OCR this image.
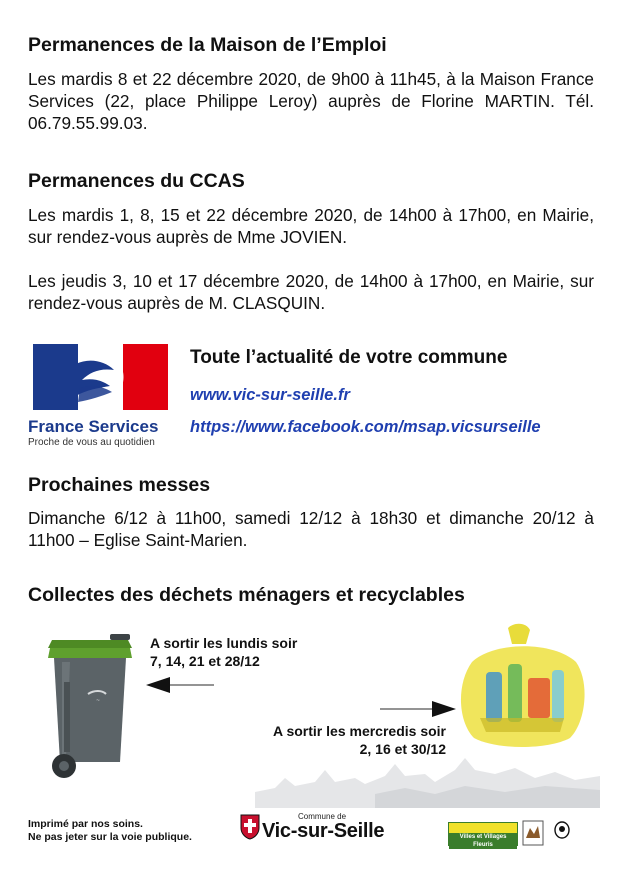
Permanences de la Maison de l’Emploi

Les mardis 8 et 22 décembre 2020, de 9h00 à 11h45, à la Maison France Services (22, place Philippe Leroy) auprès de Florine MARTIN. Tél. 06.79.55.99.03.

Permanences du CCAS

Les mardis 1, 8, 15 et 22 décembre 2020, de 14h00 à 17h00, en Mairie, sur rendez-vous auprès de Mme JOVIEN.

Les jeudis 3, 10 et 17 décembre 2020, de 14h00 à 17h00, en Mairie, sur rendez-vous auprès de M. CLASQUIN.

France Services
Proche de vous au quotidien
Toute l’actualité de votre commune
www.vic-sur-seille.fr
https://www.facebook.com/msap.vicsurseille
Prochaines messes

Dimanche 6/12 à 11h00, samedi 12/12 à 18h30 et dimanche 20/12 à 11h00 – Eglise Saint-Marien.

Collectes des déchets ménagers et recyclables
~
A sortir les lundis soir
7, 14, 21 et 28/12
A sortir les mercredis soir
2, 16 et 30/12
Imprimé par nos soins.
Ne pas jeter sur la voie publique.
Commune de
Vic-sur-Seille	Villes et Villages Fleuris
